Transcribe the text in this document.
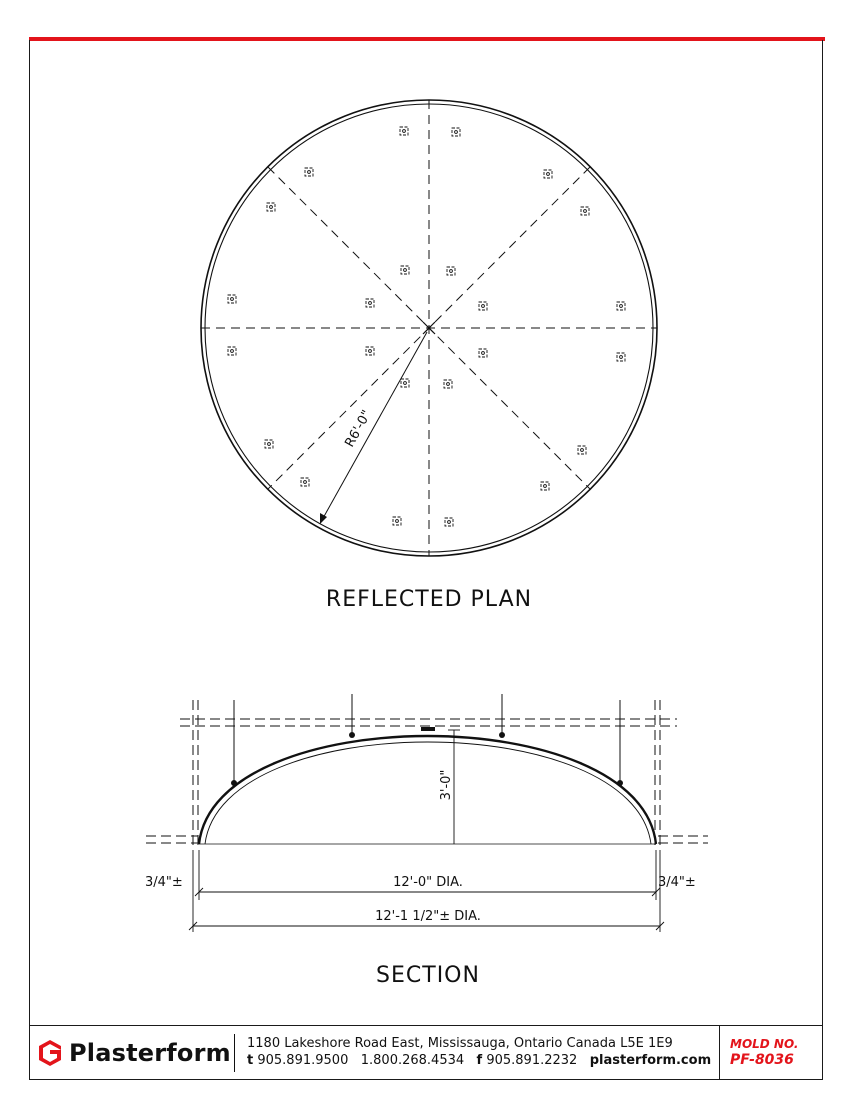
R6'-0"
REFLECTED PLAN
3'-0"
3/4"±	3/4"±
12'-0" DIA.
12'-1 1/2"± DIA.
SECTION
Plasterform 1180 Lakeshore Road East, Mississauga, Ontario Canada L5E 1E9
t 905.891.9500 1.800.268.4534 f 905.891.2232 plasterform.com
MOLD NO.
PF-8036
